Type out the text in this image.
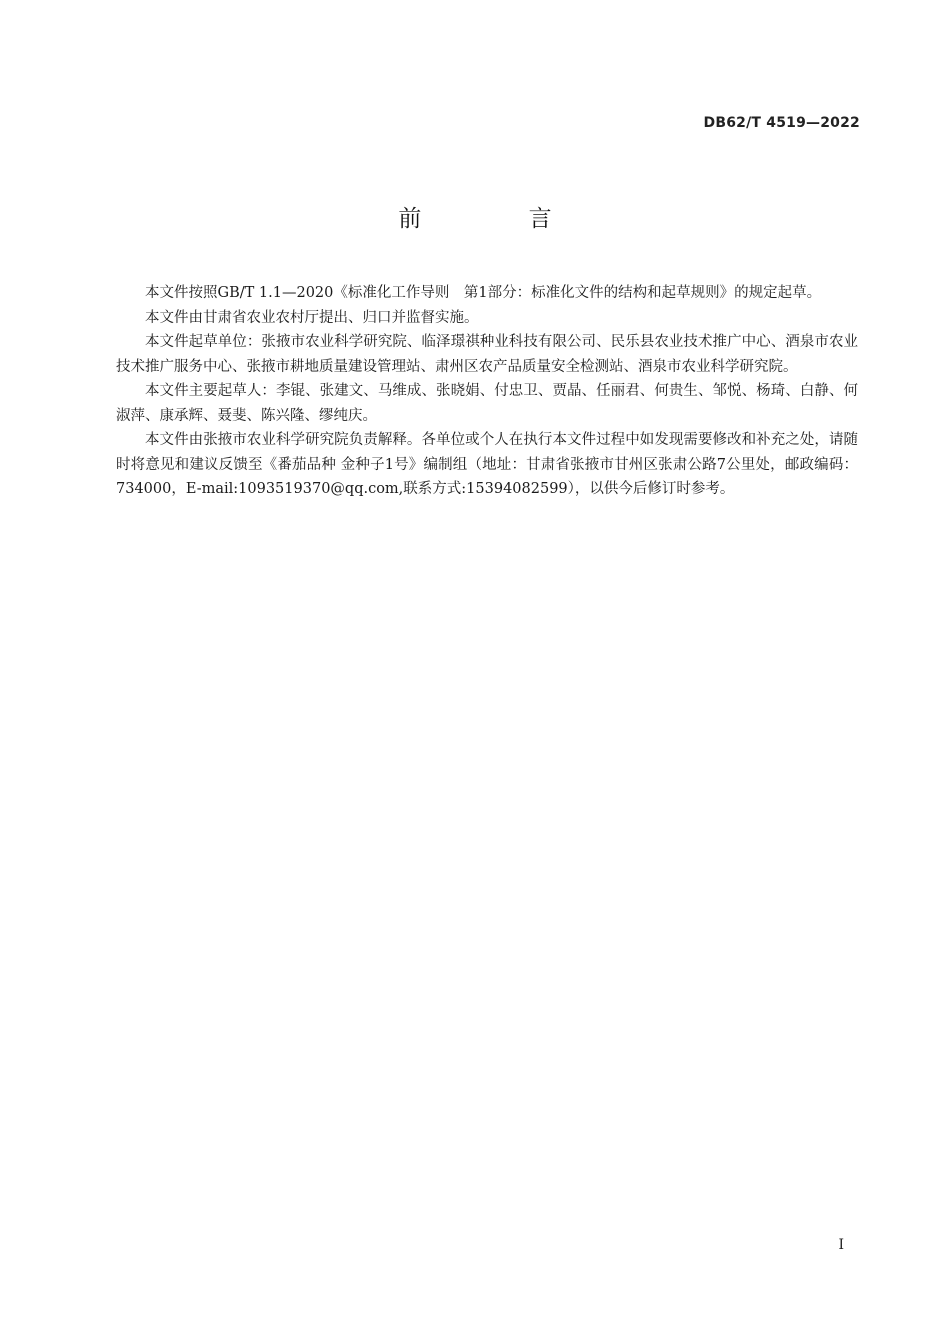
DB62/T 4519—2022
前 言

本文件按照GB/T 1.1—2020《标准化工作导则　第1部分：标准化文件的结构和起草规则》的规定起草。

本文件由甘肃省农业农村厅提出、归口并监督实施。

本文件起草单位：张掖市农业科学研究院、临泽璟祺种业科技有限公司、民乐县农业技术推广中心、酒泉市农业技术推广服务中心、张掖市耕地质量建设管理站、肃州区农产品质量安全检测站、酒泉市农业科学研究院。

本文件主要起草人：李锟、张建文、马维成、张晓娟、付忠卫、贾晶、任丽君、何贵生、邹悦、杨琦、白静、何淑萍、康承辉、聂斐、陈兴隆、缪纯庆。

本文件由张掖市农业科学研究院负责解释。各单位或个人在执行本文件过程中如发现需要修改和补充之处，请随时将意见和建议反馈至《番茄品种 金种子1号》编制组（地址：甘肃省张掖市甘州区张肃公路7公里处，邮政编码：734000，E-mail:1093519370@qq.com,联系方式:15394082599），以供今后修订时参考。

I
